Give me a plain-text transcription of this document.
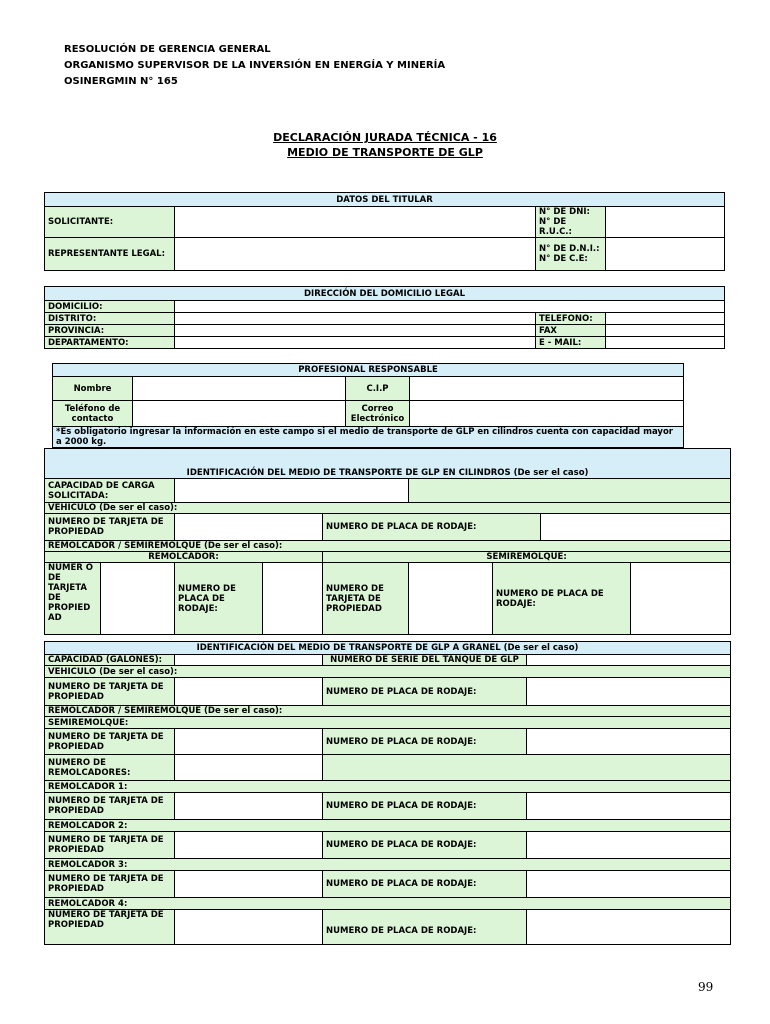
RESOLUCIÓN DE GERENCIA GENERAL
ORGANISMO SUPERVISOR DE LA INVERSIÓN EN ENERGÍA Y MINERÍA
OSINERGMIN N° 165
DECLARACIÓN JURADA TÉCNICA - 16
MEDIO DE TRANSPORTE DE GLP
DATOS DEL TITULAR			
SOLICITANTE:		N° DE DNI:
N° DE R.U.C.:	

REPRESENTANTE LEGAL:		N° DE D.N.I.:
N° DE C.E:	

DIRECCIÓN DEL DOMICILIO LEGAL			
DOMICILIO:			
DISTRITO:		TELEFONO:	
PROVINCIA:		FAX	
DEPARTAMENTO:		E - MAIL:	
PROFESIONAL RESPONSABLE			
Nombre		C.I.P	
Teléfono de contacto		Correo Electrónico	
*Es obligatorio ingresar la información en este campo si el medio de transporte de GLP en cilindros cuenta con capacidad mayor a 2000 kg.			
IDENTIFICACIÓN DEL MEDIO DE TRANSPORTE DE GLP EN CILINDROS (De ser el caso)								
CAPACIDAD DE CARGA SOLICITADA:								
VEHICULO (De ser el caso):								
NUMERO DE TARJETA DE PROPIEDAD				NUMERO DE PLACA DE RODAJE:				
REMOLCADOR / SEMIREMOLQUE (De ser el caso):								
REMOLCADOR:				SEMIREMOLQUE:				
NUMER O DE TARJETA DE PROPIED AD		NUMERO DE PLACA DE RODAJE:		NUMERO DE TARJETA DE PROPIEDAD		NUMERO DE PLACA DE RODAJE:		
IDENTIFICACIÓN DEL MEDIO DE TRANSPORTE DE GLP A GRANEL (De ser el caso)			
CAPACIDAD (GALONES):		NUMERO DE SERIE DEL TANQUE DE GLP	
VEHICULO (De ser el caso):			
NUMERO DE TARJETA DE PROPIEDAD		NUMERO DE PLACA DE RODAJE:	
REMOLCADOR / SEMIREMOLQUE (De ser el caso):			
SEMIREMOLQUE:			
NUMERO DE TARJETA DE PROPIEDAD		NUMERO DE PLACA DE RODAJE:	
NUMERO DE REMOLCADORES:			
REMOLCADOR 1:			
NUMERO DE TARJETA DE PROPIEDAD		NUMERO DE PLACA DE RODAJE:	
REMOLCADOR 2:			
NUMERO DE TARJETA DE PROPIEDAD		NUMERO DE PLACA DE RODAJE:	
REMOLCADOR 3:			
NUMERO DE TARJETA DE PROPIEDAD		NUMERO DE PLACA DE RODAJE:	
REMOLCADOR 4:			
NUMERO DE TARJETA DE PROPIEDAD		NUMERO DE PLACA DE RODAJE:	
99
